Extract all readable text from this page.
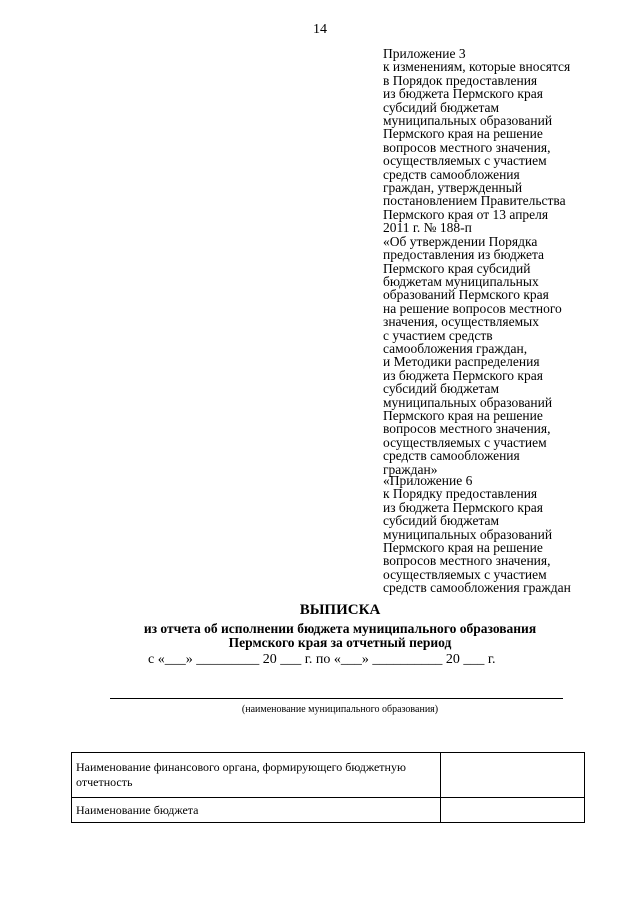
14
Приложение 3
к изменениям, которые вносятся
в Порядок предоставления
из бюджета Пермского края
субсидий бюджетам
муниципальных образований
Пермского края на решение
вопросов местного значения,
осуществляемых с участием
средств самообложения
граждан, утвержденный
постановлением Правительства
Пермского края от 13 апреля
2011 г. № 188-п
«Об утверждении Порядка
предоставления из бюджета
Пермского края субсидий
бюджетам муниципальных
образований Пермского края
на решение вопросов местного
значения, осуществляемых
с участием средств
самообложения граждан,
и Методики распределения
из бюджета Пермского края
субсидий бюджетам
муниципальных образований
Пермского края на решение
вопросов местного значения,
осуществляемых с участием
средств самообложения
граждан»
«Приложение 6
к Порядку предоставления
из бюджета Пермского края
субсидий бюджетам
муниципальных образований
Пермского края на решение
вопросов местного значения,
осуществляемых с участием
средств самообложения граждан
ВЫПИСКА
из отчета об исполнении бюджета муниципального образования
Пермского края за отчетный период
с «___» _________ 20 ___ г. по «___» __________ 20 ___ г.
(наименование муниципального образования)
Наименование финансового органа, формирующего бюджетную отчетность	
Наименование бюджета	
